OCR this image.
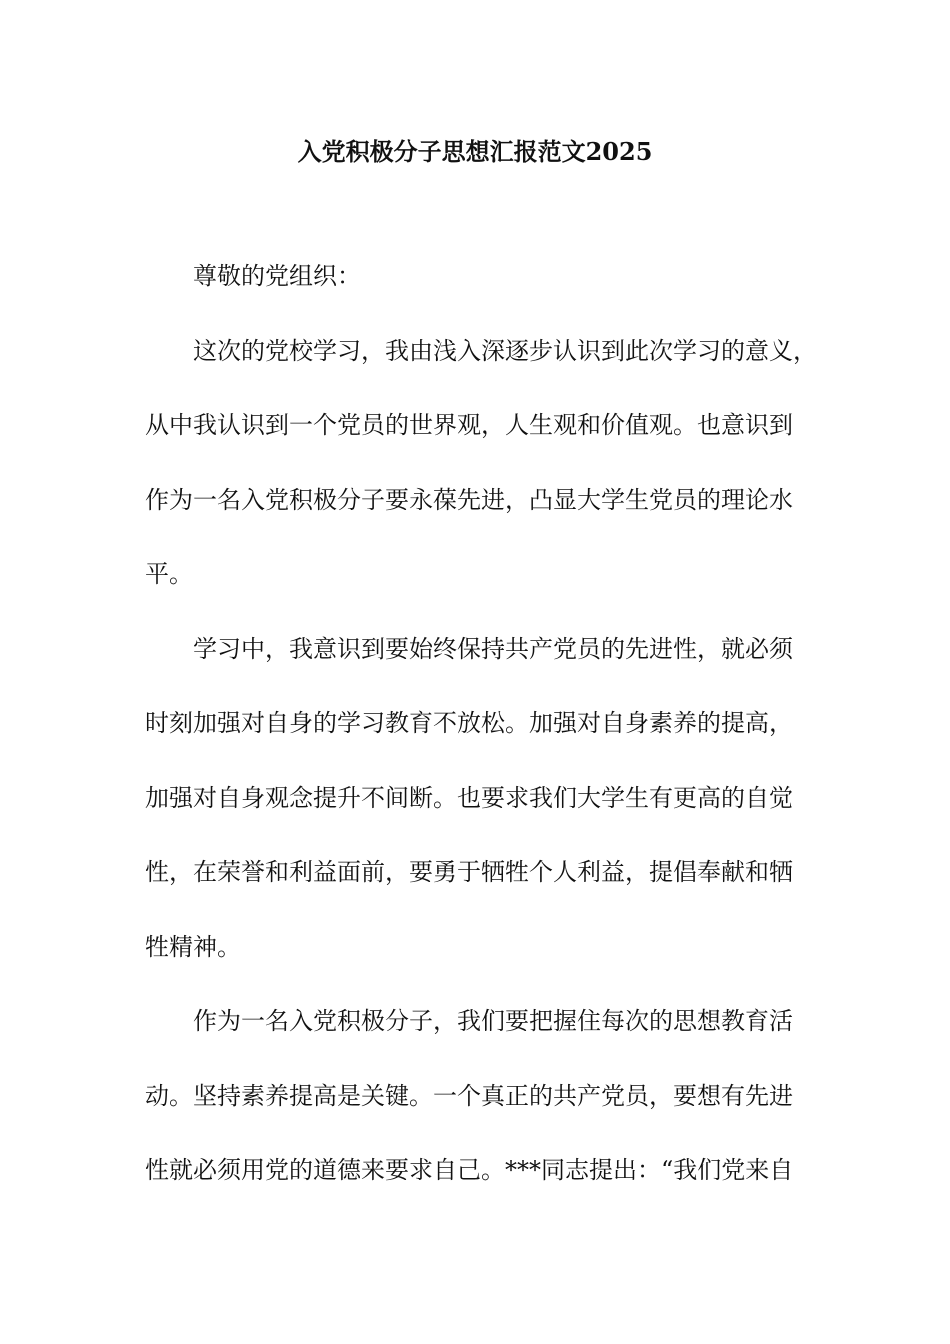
入党积极分子思想汇报范文2025
尊敬的党组织：
这次的党校学习，我由浅入深逐步认识到此次学习的意义，
从中我认识到一个党员的世界观，人生观和价值观。也意识到
作为一名入党积极分子要永葆先进，凸显大学生党员的理论水
平。
学习中，我意识到要始终保持共产党员的先进性，就必须
时刻加强对自身的学习教育不放松。加强对自身素养的提高，
加强对自身观念提升不间断。也要求我们大学生有更高的自觉
性，在荣誉和利益面前，要勇于牺牲个人利益，提倡奉献和牺
牲精神。
作为一名入党积极分子，我们要把握住每次的思想教育活
动。坚持素养提高是关键。一个真正的共产党员，要想有先进
性就必须用党的道德来要求自己。***同志提出：“我们党来自
